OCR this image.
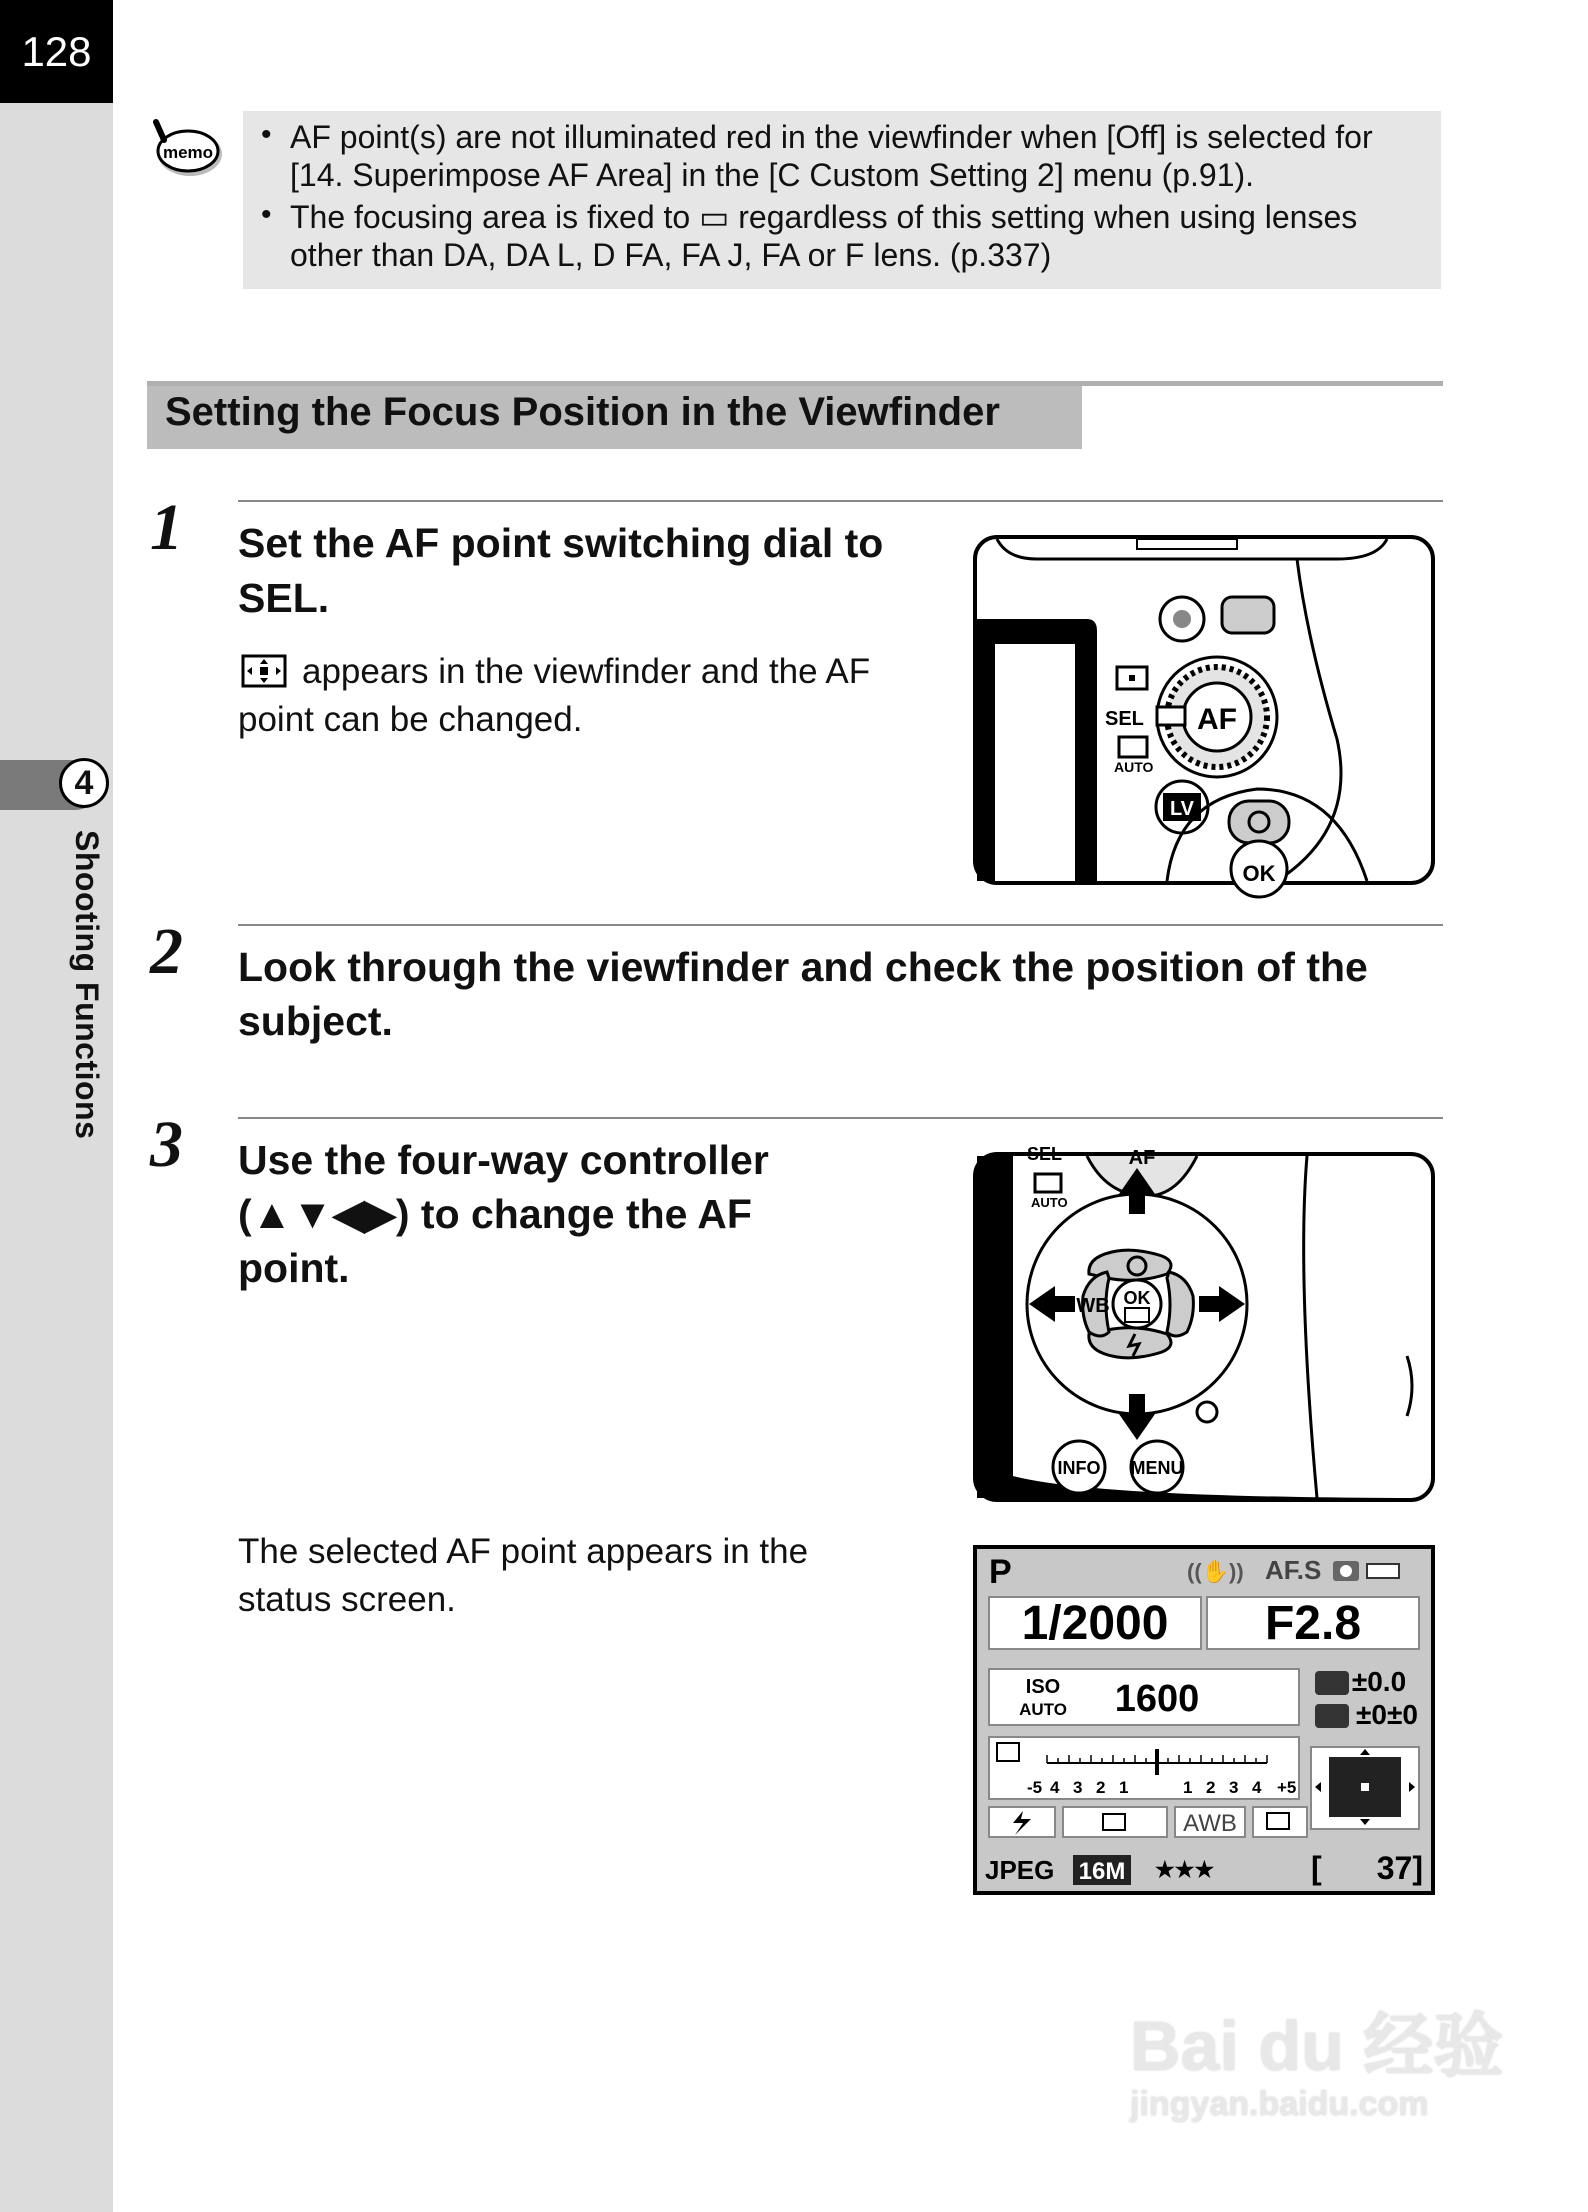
128
4
Shooting Functions
memo
• AF point(s) are not illuminated red in the viewfinder when [Off] is selected for
[14. Superimpose AF Area] in the [C Custom Setting 2] menu (p.91).
• The focusing area is fixed to ▭ regardless of this setting when using lenses
other than DA, DA L, D FA, FA J, FA or F lens. (p.337)
Setting the Focus Position in the Viewfinder
1 Set the AF point switching dial to
SEL.
appears in the viewfinder and the AF
point can be changed.	AF
SEL
AUTO
LV
OK
2 Look through the viewfinder and check the position of the
subject.
3 Use the four-way controller
(▲▼◀▶) to change the AF
point.
SEL	AF
AUTO
WB OK
INFO MENU
The selected AF point appears in the
status screen.
P	((✋)) AF.S
1/2000 F2.8
ISO
AUTO 1600	±0.0
±0±0
-5 4 3 2 1	1 2 3 4 +5
AWB
JPEG 16M ★★★	[ 37]
Bai du 经验
jingyan.baidu.com
